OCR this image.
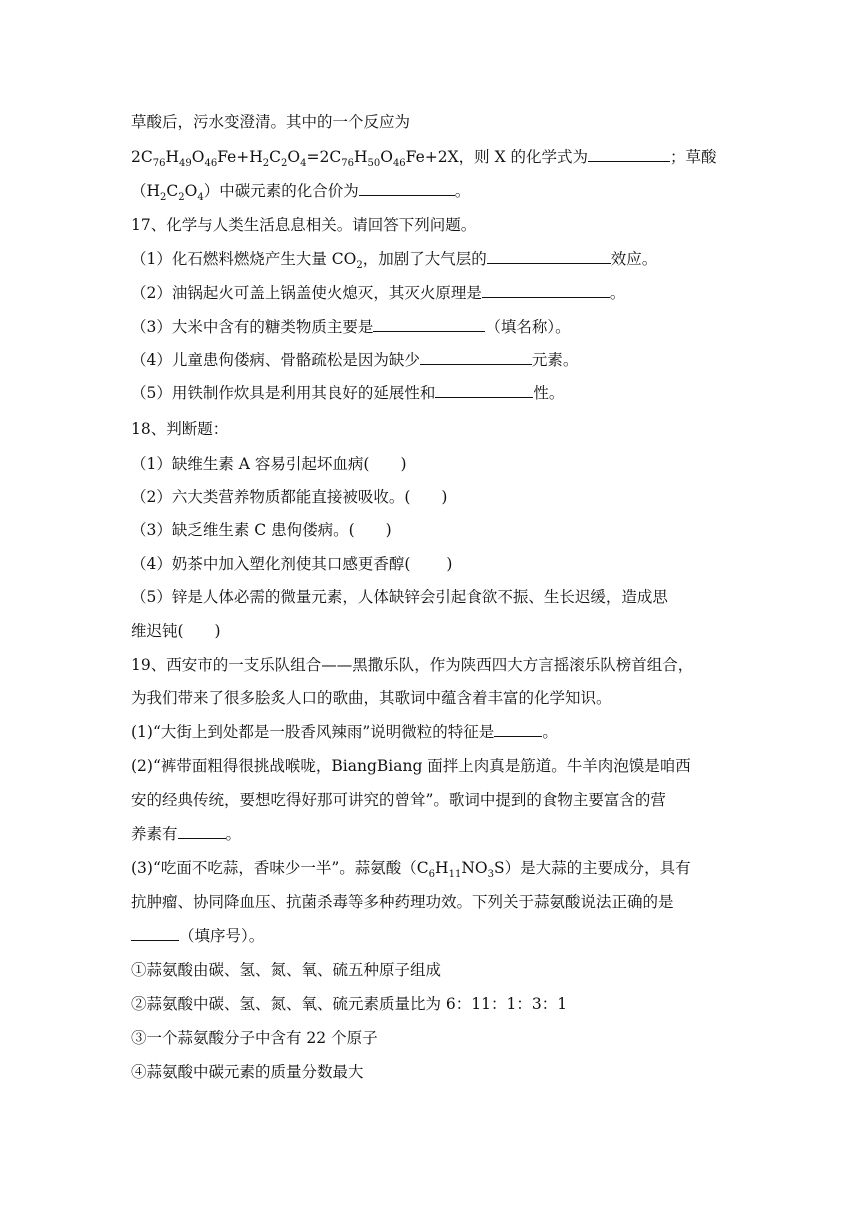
草酸后，污水变澄清。其中的一个反应为
$2C_{76}H_{49}O_{46}Fe+H_2C_2O_4=2C_{76}H_{50}O_{46}Fe+2X$，则 X 的化学式为	；草酸
$(H_2C_2O_4)$中碳元素的化合价为	。
17、化学与人类生活息息相关。请回答下列问题。
（1）化石燃料燃烧产生大量 $CO_2$，加剧了大气层的	效应。
（2）油锅起火可盖上锅盖使火熄灭，其灭火原理是	。
（3）大米中含有的糖类物质主要是	（填名称）。
（4）儿童患佝偻病、骨骼疏松是因为缺少	元素。
（5）用铁制作炊具是利用其良好的延展性和	性。
18、判断题：
（1）缺维生素 A 容易引起坏血病(　　)
（2）六大类营养物质都能直接被吸收。(　　)
（3）缺乏维生素 C 患佝偻病。(　　)
（4）奶茶中加入塑化剂使其口感更香醇(　　 )
（5）锌是人体必需的微量元素，人体缺锌会引起食欲不振、生长迟缓，造成思
维迟钝(　　)
19、西安市的一支乐队组合——黑撒乐队，作为陕西四大方言摇滚乐队榜首组合，
为我们带来了很多脍炙人口的歌曲，其歌词中蕴含着丰富的化学知识。
(1)“大街上到处都是一股香风辣雨”说明微粒的特征是	。
(2)“裤带面粗得很挑战喉咙，BiangBiang 面拌上肉真是筋道。牛羊肉泡馍是咱西
安的经典传统，要想吃得好那可讲究的曾耸”。歌词中提到的食物主要富含的营
养素有	。
(3)“吃面不吃蒜，香味少一半”。蒜氨酸$(C_6H_{11}NO_3S)$是大蒜的主要成分，具有
抗肿瘤、协同降血压、抗菌杀毒等多种药理功效。下列关于蒜氨酸说法正确的是
（填序号）。
①蒜氨酸由碳、氢、氮、氧、硫五种原子组成
②蒜氨酸中碳、氢、氮、氧、硫元素质量比为 6：11：1：3：1
③一个蒜氨酸分子中含有 22 个原子
④蒜氨酸中碳元素的质量分数最大
